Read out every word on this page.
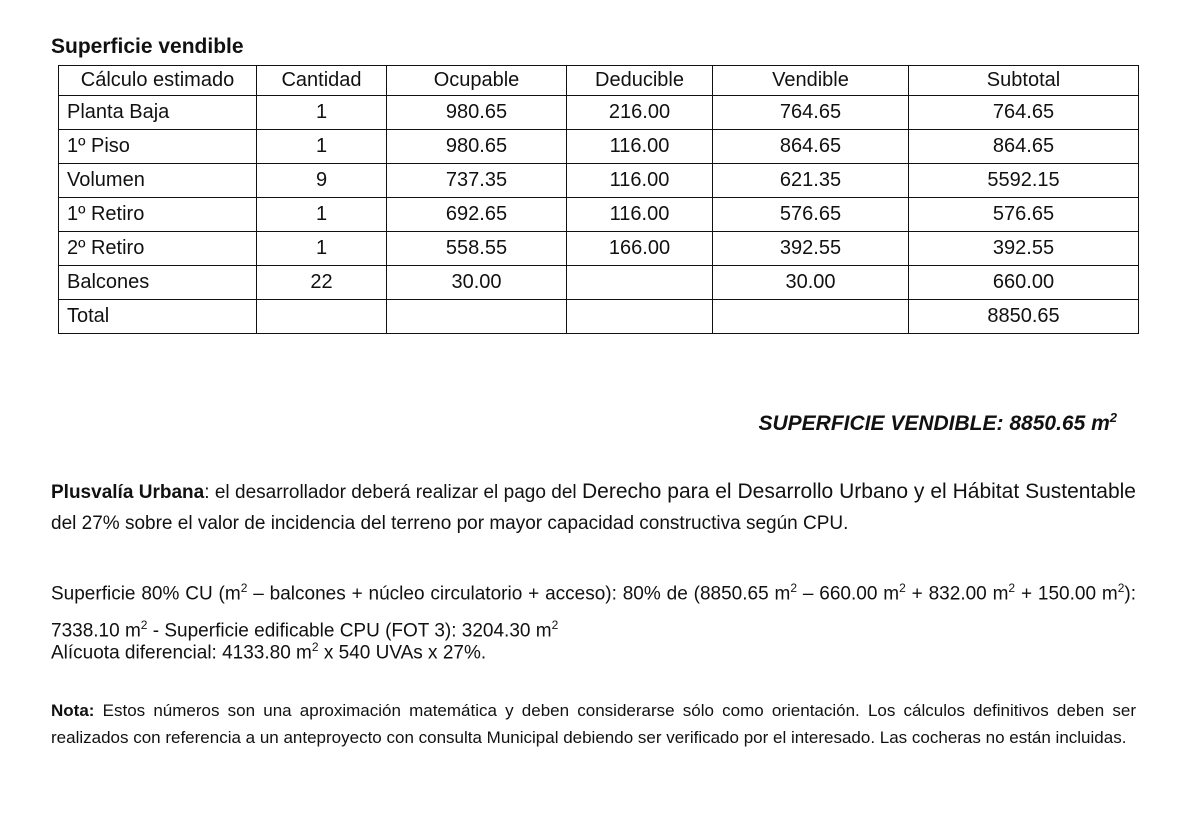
Superficie vendible
Cálculo estimado	Cantidad	Ocupable	Deducible	Vendible	Subtotal
Planta Baja	1	980.65	216.00	764.65	764.65
1º Piso	1	980.65	116.00	864.65	864.65
Volumen	9	737.35	116.00	621.35	5592.15
1º Retiro	1	692.65	116.00	576.65	576.65
2º Retiro	1	558.55	166.00	392.55	392.55
Balcones	22	30.00		30.00	660.00
Total					8850.65
SUPERFICIE VENDIBLE: 8850.65 $m^2$

Plusvalía Urbana: el desarrollador deberá realizar el pago del Derecho para el Desarrollo Urbano y el Hábitat Sustentable del 27% sobre el valor de incidencia del terreno por mayor capacidad constructiva según CPU.

Superficie 80% CU ($m^2$ – balcones + núcleo circulatorio + acceso): 80% de (8850.65 $m^2 - 660.00$ $m^2 + 832.00$ $m^2 + 150.00$ $m^2$): 7338.10 $m^2$ - Superficie edificable CPU (FOT 3): 3204.30 $m^2$

Alícuota diferencial: 4133.80 $m^2$ x 540 UVAs x 27%.

Nota: Estos números son una aproximación matemática y deben considerarse sólo como orientación. Los cálculos definitivos deben ser realizados con referencia a un anteproyecto con consulta Municipal debiendo ser verificado por el interesado. Las cocheras no están incluidas.
